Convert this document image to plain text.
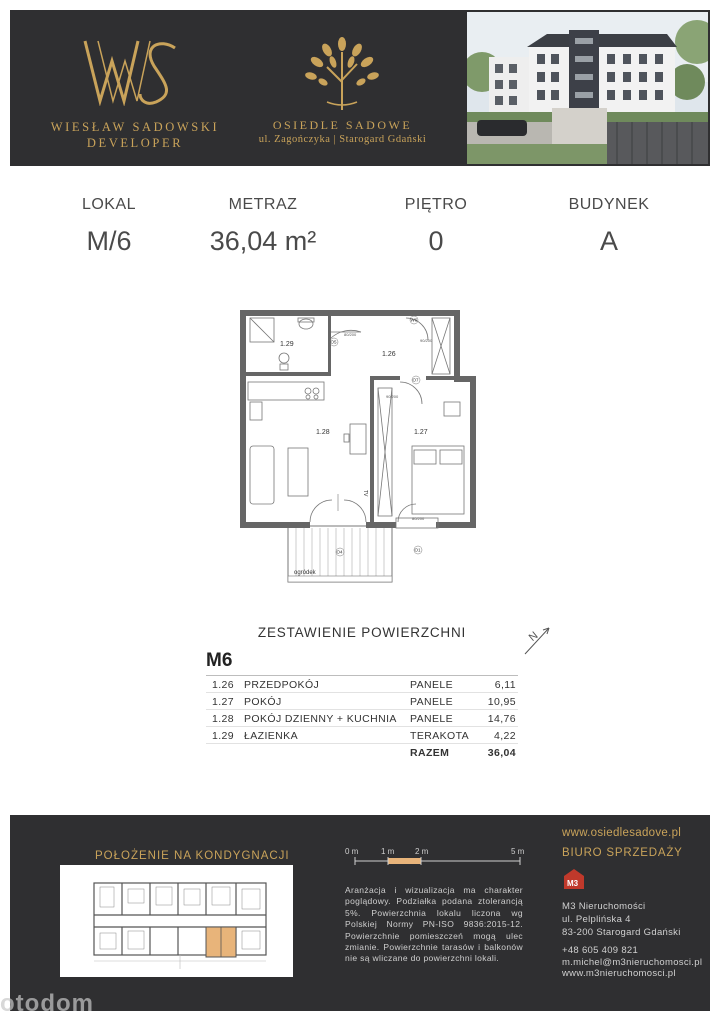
WIESŁAW SADOWSKI
DEVELOPER
OSIEDLE SADOWE
ul. Zagończyka | Starogard Gdański
LOKAL
M/6
METRAZ
36,04 m²
PIĘTRO
0
BUDYNEK
A
ogródek
1.29
1.26
1.28	1.27
80/200
90/200
90/200
80/200
W6
O5
O7
O4	O1
TV
ZESTAWIENIE POWIERZCHNI	N
M6
1.26 PRZEDPOKÓJ	PANELE	6,11
1.27 POKÓJ	PANELE	10,95
1.28 POKÓJ DZIENNY + KUCHNIA PANELE	14,76
1.29 ŁAZIENKA	TERAKOTA 4,22
RAZEM	36,04
POŁOŻENIE NA KONDYGNACJI	0 m	1 m	2 m	5 m
Aranżacja i wizualizacja ma charakter poglądowy. Podziałka podana ztolerancją 5%. Powierzchnia lokalu liczona wg Polskiej Normy PN-ISO 9836:2015-12. Powierzchnie pomieszczeń mogą ulec zmianie. Powierzchnie tarasów i balkonów nie są wliczane do powierzchni lokali.
www.osiedlesadove.pl
BIURO SPRZEDAŻY
M3
M3 Nieruchomości
ul. Pelplińska 4
83-200 Starogard Gdański
+48 605 409 821
m.michel@m3nieruchomosci.pl
www.m3nieruchomosci.pl
otodom
